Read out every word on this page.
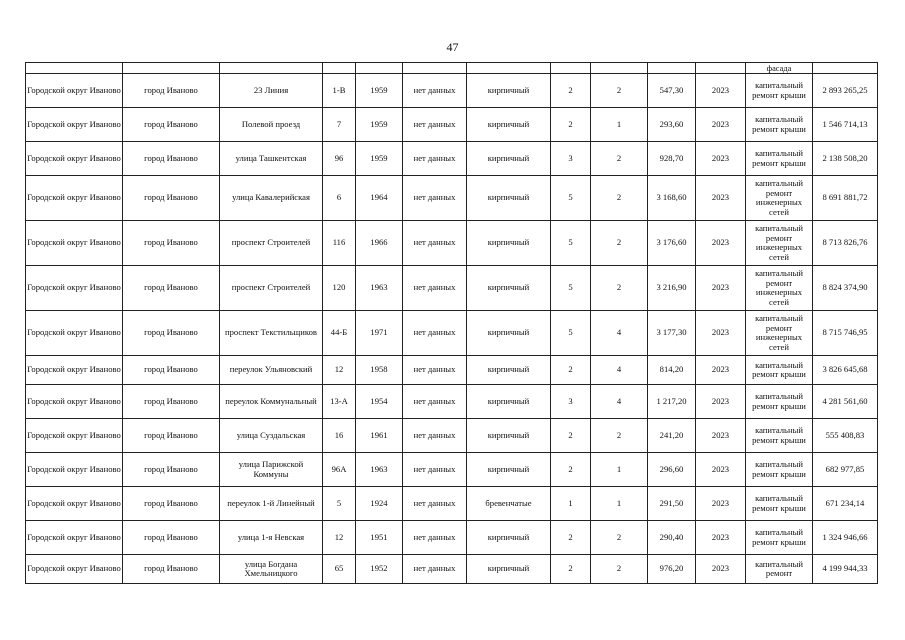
47
											фасада	
Городской округ Иваново	город Иваново	23 Линия	1-В	1959	нет данных	кирпичный	2	2	547,30	2023	капитальный ремонт крыши	2 893 265,25
Городской округ Иваново	город Иваново	Полевой проезд	7	1959	нет данных	кирпичный	2	1	293,60	2023	капитальный ремонт крыши	1 546 714,13
Городской округ Иваново	город Иваново	улица Ташкентская	96	1959	нет данных	кирпичный	3	2	928,70	2023	капитальный ремонт крыши	2 138 508,20
Городской округ Иваново	город Иваново	улица Кавалерийская	6	1964	нет данных	кирпичный	5	2	3 168,60	2023	капитальный ремонт инженерных сетей	8 691 881,72
Городской округ Иваново	город Иваново	проспект Строителей	116	1966	нет данных	кирпичный	5	2	3 176,60	2023	капитальный ремонт инженерных сетей	8 713 826,76
Городской округ Иваново	город Иваново	проспект Строителей	120	1963	нет данных	кирпичный	5	2	3 216,90	2023	капитальный ремонт инженерных сетей	8 824 374,90
Городской округ Иваново	город Иваново	проспект Текстильщиков	44-Б	1971	нет данных	кирпичный	5	4	3 177,30	2023	капитальный ремонт инженерных сетей	8 715 746,95
Городской округ Иваново	город Иваново	переулок Ульяновский	12	1958	нет данных	кирпичный	2	4	814,20	2023	капитальный ремонт крыши	3 826 645,68
Городской округ Иваново	город Иваново	переулок Коммунальный	13-А	1954	нет данных	кирпичный	3	4	1 217,20	2023	капитальный ремонт крыши	4 281 561,60
Городской округ Иваново	город Иваново	улица Суздальская	16	1961	нет данных	кирпичный	2	2	241,20	2023	капитальный ремонт крыши	555 408,83
Городской округ Иваново	город Иваново	улица Парижской Коммуны	96А	1963	нет данных	кирпичный	2	1	296,60	2023	капитальный ремонт крыши	682 977,85
Городской округ Иваново	город Иваново	переулок 1-й Линейный	5	1924	нет данных	бревенчатые	1	1	291,50	2023	капитальный ремонт крыши	671 234,14
Городской округ Иваново	город Иваново	улица 1-я Невская	12	1951	нет данных	кирпичный	2	2	290,40	2023	капитальный ремонт крыши	1 324 946,66
Городской округ Иваново	город Иваново	улица Богдана Хмельницкого	65	1952	нет данных	кирпичный	2	2	976,20	2023	капитальный ремонт	4 199 944,33
